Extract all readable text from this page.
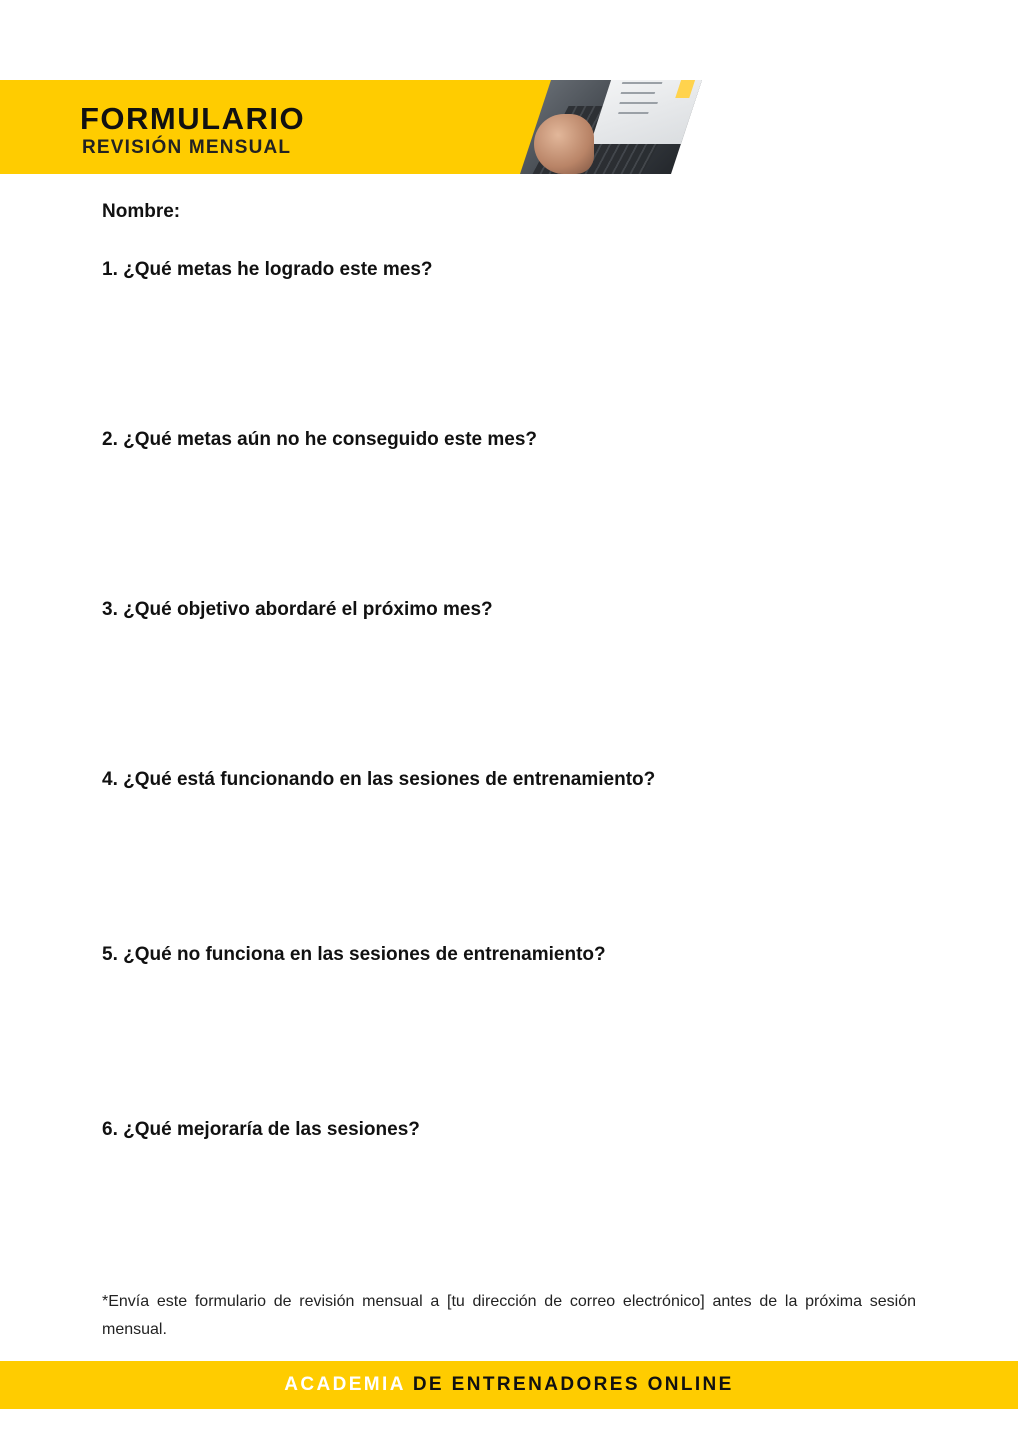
FORMULARIO
REVISIÓN MENSUAL

Nombre:

1. ¿Qué metas he logrado este mes?

2. ¿Qué metas aún no he conseguido este mes?

3. ¿Qué objetivo abordaré el próximo mes?

4. ¿Qué está funcionando en las sesiones de entrenamiento?

5. ¿Qué no funciona en las sesiones de entrenamiento?

6. ¿Qué mejoraría de las sesiones?

*Envía este formulario de revisión mensual a [tu dirección de correo electrónico] antes de la próxima sesión mensual.

ACADEMIA DE ENTRENADORES ONLINE
